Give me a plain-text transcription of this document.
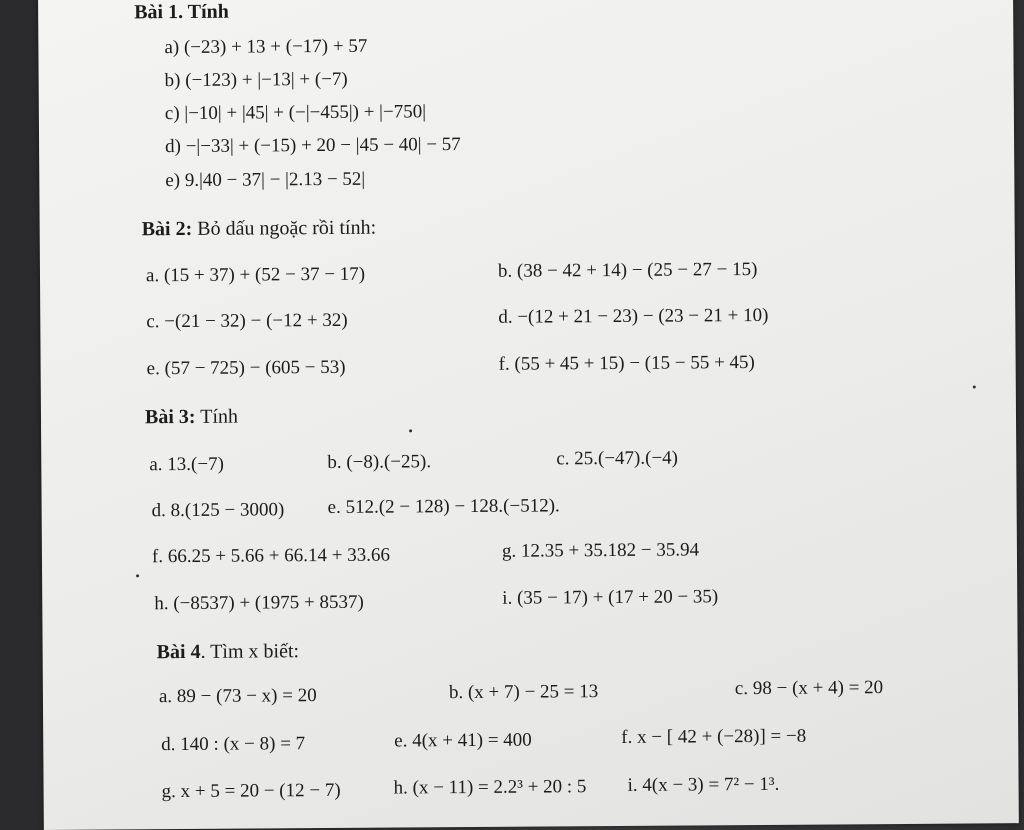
Bài 1. Tính
a) (−23) + 13 + (−17) + 57
b) (−123) + |−13| + (−7)
c) |−10| + |45| + (−|−455|) + |−750|
d) −|−33| + (−15) + 20 − |45 − 40| − 57
e) 9.|40 − 37| − |2.13 − 52|
Bài 2: Bỏ dấu ngoặc rồi tính:
a. (15 + 37) + (52 − 37 − 17)	b. (38 − 42 + 14) − (25 − 27 − 15)
c. −(21 − 32) − (−12 + 32)	d. −(12 + 21 − 23) − (23 − 21 + 10)
e. (57 − 725) − (605 − 53)	f. (55 + 45 + 15) − (15 − 55 + 45)
Bài 3: Tính
a. 13.(−7)	b. (−8).(−25).	c. 25.(−47).(−4)
d. 8.(125 − 3000) e. 512.(2 − 128) − 128.(−512).
f. 66.25 + 5.66 + 66.14 + 33.66	g. 12.35 + 35.182 − 35.94
h. (−8537) + (1975 + 8537)	i. (35 − 17) + (17 + 20 − 35)
Bài 4. Tìm x biết:
a. 89 − (73 − x) = 20	b. (x + 7) − 25 = 13	c. 98 − (x + 4) = 20
d. 140 : (x − 8) = 7	e. 4(x + 41) = 400	f. x − [ 42 + (−28)] = −8
g. x + 5 = 20 − (12 − 7)	h. (x − 11) = 2.2³ + 20 : 5 i. 4(x − 3) = 7² − 1³.
